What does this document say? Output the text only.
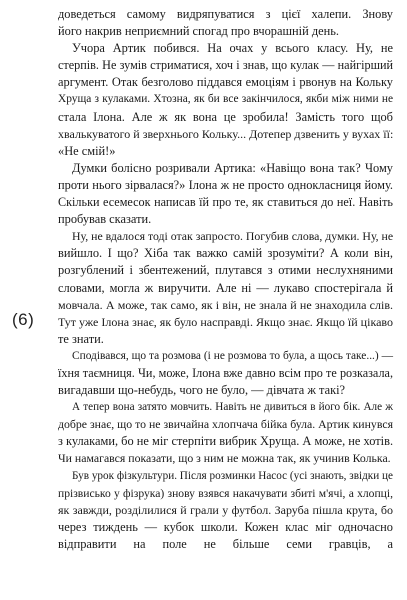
(6)
доведеться самому видряпуватися з цієї халепи. Знову
його накрив неприємний спогад про вчорашній день.
Учора Артик побився. На очах у всього класу. Ну, не
стерпів. Не зумів стриматися, хоч і знав, що кулак — найгірший
аргумент. Отак безголово піддався емоціям і рвонув на Кольку
Хруща з кулаками. Хтозна, як би все закінчилося, якби між ними не
стала Ілона. Але ж як вона це зробила! Замість того щоб
хвалькуватого й зверхнього Кольку... Дотепер дзвенить у вухах її:
«Не смій!»
Думки болісно розривали Артика: «Навіщо вона так? Чому
проти нього зірвалася?» Ілона ж не просто однокласниця йому.
Скільки есемесок написав їй про те, як ставиться до неї. Навіть
пробував сказати.
Ну, не вдалося тоді отак запросто. Погубив слова, думки. Ну, не
вийшло. І що? Хіба так важко самій зрозуміти? А коли він,
розгублений і збентежений, плутався з отими неслухняними
словами, могла ж виручити. Але ні — лукаво спостерігала й
мовчала. А може, так само, як і він, не знала й не знаходила слів.
Тут уже Ілона знає, як було насправді. Якщо знає. Якщо їй цікаво
те знати.
Сподівався, що та розмова (і не розмова то була, а щось таке...) —
їхня таємниця. Чи, може, Ілона вже давно всім про те розказала,
вигадавши що-небудь, чого не було, — дівчата ж такі?
А тепер вона затято мовчить. Навіть не дивиться в його бік. Але ж
добре знає, що то не звичайна хлопчача бійка була. Артик кинувся
з кулаками, бо не міг стерпіти вибрик Хруща. А може, не хотів.
Чи намагався показати, що з ним не можна так, як учинив Колька.
Був урок фізкультури. Після розминки Насос (усі знають, звідки це
прізвисько у фізрука) знову взявся накачувати збиті м'ячі, а хлопці,
як завжди, розділилися й грали у футбол. Заруба пішла крута, бо
через тиждень — кубок школи. Кожен клас міг одночасно
відправити на поле не більше семи гравців, а
